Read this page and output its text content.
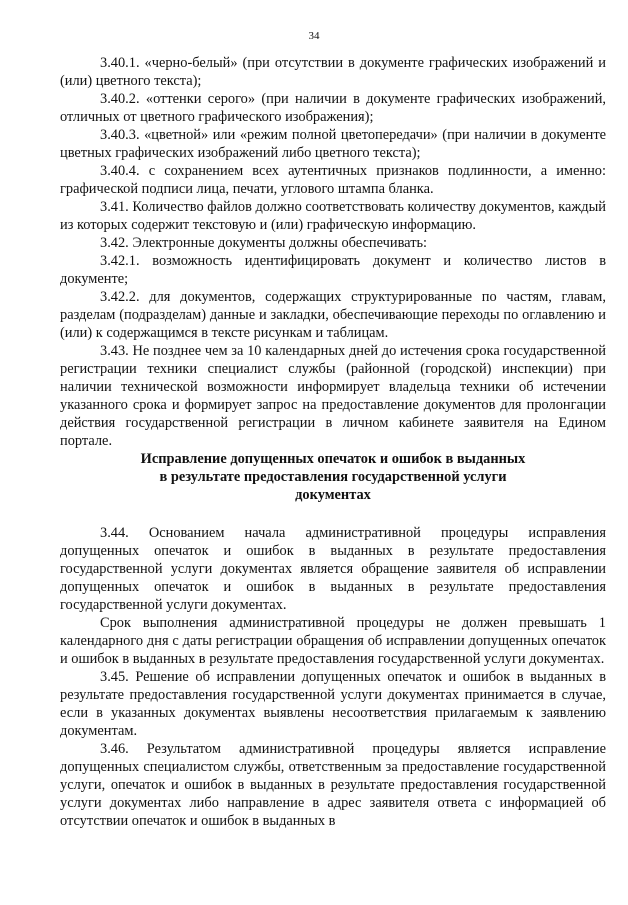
34

3.40.1. «черно-белый» (при отсутствии в документе графических изображений и (или) цветного текста);

3.40.2. «оттенки серого» (при наличии в документе графических изображений, отличных от цветного графического изображения);

3.40.3. «цветной» или «режим полной цветопередачи» (при наличии в документе цветных графических изображений либо цветного текста);

3.40.4. с сохранением всех аутентичных признаков подлинности, а именно: графической подписи лица, печати, углового штампа бланка.

3.41. Количество файлов должно соответствовать количеству документов, каждый из которых содержит текстовую и (или) графическую информацию.

3.42. Электронные документы должны обеспечивать:

3.42.1. возможность идентифицировать документ и количество листов в документе;

3.42.2. для документов, содержащих структурированные по частям, главам, разделам (подразделам) данные и закладки, обеспечивающие переходы по оглавлению и (или) к содержащимся в тексте рисункам и таблицам.

3.43. Не позднее чем за 10 календарных дней до истечения срока государственной регистрации техники специалист службы (районной (городской) инспекции) при наличии технической возможности информирует владельца техники об истечении указанного срока и формирует запрос на предоставление документов для пролонгации действия государственной регистрации в личном кабинете заявителя на Едином портале.

Исправление допущенных опечаток и ошибок в выданных
в результате предоставления государственной услуги
документах

3.44. Основанием начала административной процедуры исправления допущенных опечаток и ошибок в выданных в результате предоставления государственной услуги документах является обращение заявителя об исправлении допущенных опечаток и ошибок в выданных в результате предоставления государственной услуги документах.

Срок выполнения административной процедуры не должен превышать 1 календарного дня с даты регистрации обращения об исправлении допущенных опечаток и ошибок в выданных в результате предоставления государственной услуги документах.

3.45. Решение об исправлении допущенных опечаток и ошибок в выданных в результате предоставления государственной услуги документах принимается в случае, если в указанных документах выявлены несоответствия прилагаемым к заявлению документам.

3.46. Результатом административной процедуры является исправление допущенных специалистом службы, ответственным за предоставление государственной услуги, опечаток и ошибок в выданных в результате предоставления государственной услуги документах либо направление в адрес заявителя ответа с информацией об отсутствии опечаток и ошибок в выданных в
